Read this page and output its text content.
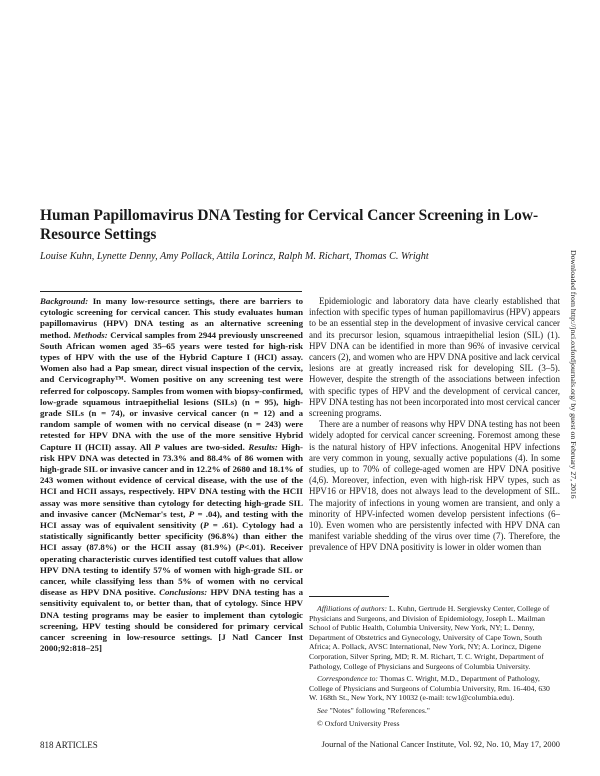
Human Papillomavirus DNA Testing for Cervical Cancer Screening in Low-Resource Settings
Louise Kuhn, Lynette Denny, Amy Pollack, Attila Lorincz, Ralph M. Richart, Thomas C. Wright

Background: In many low-resource settings, there are barriers to cytologic screening for cervical cancer. This study evaluates human papillomavirus (HPV) DNA testing as an alternative screening method. Methods: Cervical samples from 2944 previously unscreened South African women aged 35–65 years were tested for high-risk types of HPV with the use of the Hybrid Capture I (HCI) assay. Women also had a Pap smear, direct visual inspection of the cervix, and Cervicography™. Women positive on any screening test were referred for colposcopy. Samples from women with biopsy-confirmed, low-grade squamous intraepithelial lesions (SILs) (n = 95), high-grade SILs (n = 74), or invasive cervical cancer (n = 12) and a random sample of women with no cervical disease (n = 243) were retested for HPV DNA with the use of the more sensitive Hybrid Capture II (HCII) assay. All P values are two-sided. Results: High-risk HPV DNA was detected in 73.3% and 88.4% of 86 women with high-grade SIL or invasive cancer and in 12.2% of 2680 and 18.1% of 243 women without evidence of cervical disease, with the use of the HCI and HCII assays, respectively. HPV DNA testing with the HCII assay was more sensitive than cytology for detecting high-grade SIL and invasive cancer (McNemar's test, P = .04), and testing with the HCI assay was of equivalent sensitivity (P = .61). Cytology had a statistically significantly better specificity (96.8%) than either the HCI assay (87.8%) or the HCII assay (81.9%) (P<.01). Receiver operating characteristic curves identified test cutoff values that allow HPV DNA testing to identify 57% of women with high-grade SIL or cancer, while classifying less than 5% of women with no cervical disease as HPV DNA positive. Conclusions: HPV DNA testing has a sensitivity equivalent to, or better than, that of cytology. Since HPV DNA testing programs may be easier to implement than cytologic screening, HPV testing should be considered for primary cervical cancer screening in low-resource settings. [J Natl Cancer Inst 2000;92:818–25]

Epidemiologic and laboratory data have clearly established that infection with specific types of human papillomavirus (HPV) appears to be an essential step in the development of invasive cervical cancer and its precursor lesion, squamous intraepithelial lesion (SIL) (1). HPV DNA can be identified in more than 96% of invasive cervical cancers (2), and women who are HPV DNA positive and lack cervical lesions are at greatly increased risk for developing SIL (3–5). However, despite the strength of the associations between infection with specific types of HPV and the development of cervical cancer, HPV DNA testing has not been incorporated into most cervical cancer screening programs.

There are a number of reasons why HPV DNA testing has not been widely adopted for cervical cancer screening. Foremost among these is the natural history of HPV infections. Anogenital HPV infections are very common in young, sexually active populations (4). In some studies, up to 70% of college-aged women are HPV DNA positive (4,6). Moreover, infection, even with high-risk HPV types, such as HPV16 or HPV18, does not always lead to the development of SIL. The majority of infections in young women are transient, and only a minority of HPV-infected women develop persistent infections (6–10). Even women who are persistently infected with HPV DNA can manifest variable shedding of the virus over time (7). Therefore, the prevalence of HPV DNA positivity is lower in older women than

Downloaded from http://jnci.oxfordjournals.org/ by guest on February 27, 2016

Affiliations of authors: L. Kuhn, Gertrude H. Sergievsky Center, College of Physicians and Surgeons, and Division of Epidemiology, Joseph L. Mailman School of Public Health, Columbia University, New York, NY; L. Denny, Department of Obstetrics and Gynecology, University of Cape Town, South Africa; A. Pollack, AVSC International, New York, NY; A. Lorincz, Digene Corporation, Silver Spring, MD; R. M. Richart, T. C. Wright, Department of Pathology, College of Physicians and Surgeons of Columbia University.

Correspondence to: Thomas C. Wright, M.D., Department of Pathology, College of Physicians and Surgeons of Columbia University, Rm. 16-404, 630 W. 168th St., New York, NY 10032 (e-mail: tcw1@columbia.edu).

See "Notes" following "References."

© Oxford University Press

818 ARTICLES	Journal of the National Cancer Institute, Vol. 92, No. 10, May 17, 2000
